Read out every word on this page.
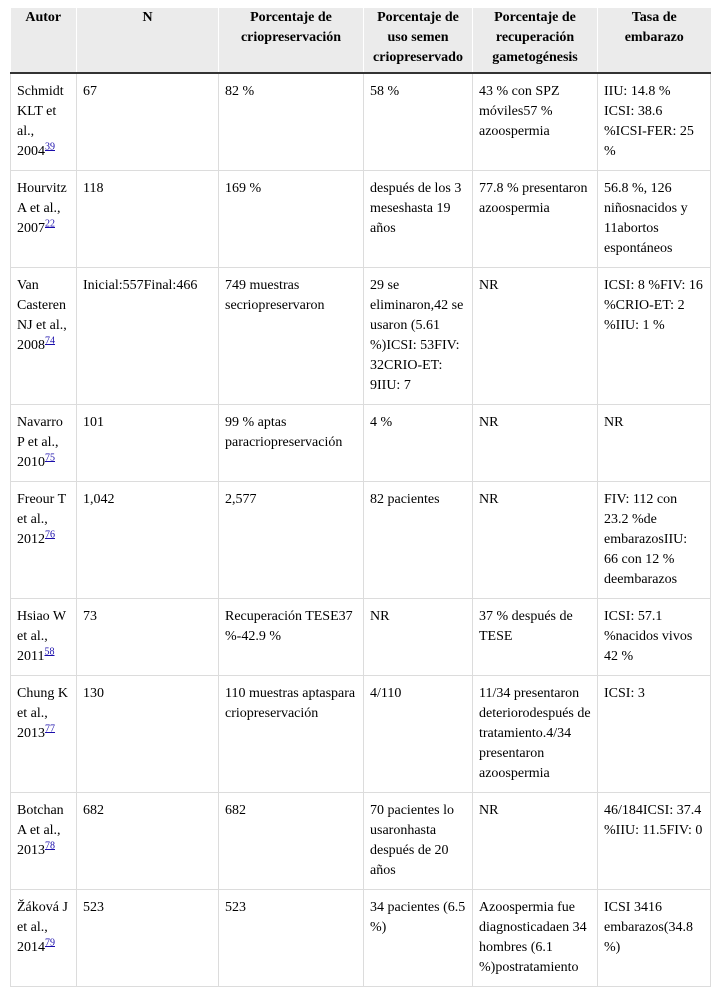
Autor	N	Porcentaje de criopreservación	Porcentaje de uso semen criopreservado	Porcentaje de recuperación gametogénesis	Tasa de embarazo
Schmidt KLT et al., 2004$^{39}$	67	82 %	58 %	43 % con SPZ móviles57 % azoospermia	IIU: 14.8 % ICSI: 38.6 %ICSI-FER: 25 %
Hourvitz A et al., 2007$^{22}$	118	169 %	después de los 3 meseshasta 19 años	77.8 % presentaron azoospermia	56.8 %, 126 niñosnacidos y 11abortos espontáneos
Van Casteren NJ et al., 2008$^{74}$	Inicial:557Final:466	749 muestras secriopreservaron	29 se eliminaron,42 se usaron (5.61 %)ICSI: 53FIV: 32CRIO-ET: 9IIU: 7	NR	ICSI: 8 %FIV: 16 %CRIO-ET: 2 %IIU: 1 %
Navarro P et al., 2010$^{75}$	101	99 % aptas paracriopreservación	4 %	NR	NR
Freour T et al., 2012$^{76}$	1,042	2,577	82 pacientes	NR	FIV: 112 con 23.2 %de embarazosIIU: 66 con 12 % deembarazos
Hsiao W et al., 2011$^{58}$	73	Recuperación TESE37 %-42.9 %	NR	37 % después de TESE	ICSI: 57.1 %nacidos vivos 42 %
Chung K et al., 2013$^{77}$	130	110 muestras aptaspara criopreservación	4/110	11/34 presentaron deteriorodespués de tratamiento.4/34 presentaron azoospermia	ICSI: 3
Botchan A et al., 2013$^{78}$	682	682	70 pacientes lo usaronhasta después de 20 años	NR	46/184ICSI: 37.4 %IIU: 11.5FIV: 0
Žáková J et al., 2014$^{79}$	523	523	34 pacientes (6.5 %)	Azoospermia fue diagnosticadaen 34 hombres (6.1 %)postratamiento	ICSI 3416 embarazos(34.8 %)
